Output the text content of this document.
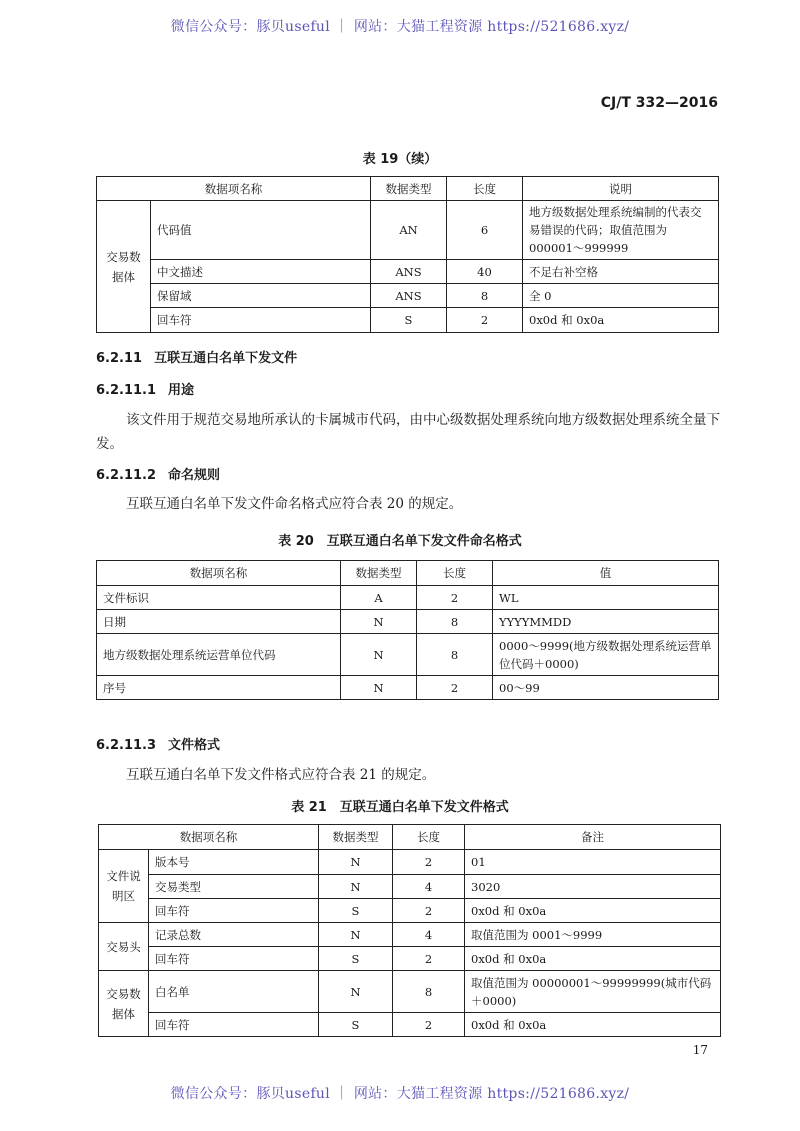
微信公众号：豚贝useful ｜ 网站：大猫工程资源 https://521686.xyz/
CJ/T 332—2016
表 19（续）
数据项名称		数据类型	长度	说明
交易数
据体	代码值	AN	6	地方级数据处理系统编制的代表交易错误的代码；取值范围为 000001～999999
	中文描述	ANS	40	不足右补空格
	保留域	ANS	8	全 0
	回车符	S	2	0x0d 和 0x0a
6.2.11 互联互通白名单下发文件
6.2.11.1 用途
该文件用于规范交易地所承认的卡属城市代码，由中心级数据处理系统向地方级数据处理系统全量下发。
6.2.11.2 命名规则
互联互通白名单下发文件命名格式应符合表 20 的规定。
表 20　互联互通白名单下发文件命名格式
数据项名称	数据类型	长度	值
文件标识	A	2	WL
日期	N	8	YYYYMMDD
地方级数据处理系统运营单位代码	N	8	0000～9999(地方级数据处理系统运营单位代码＋0000)
序号	N	2	00～99
6.2.11.3 文件格式
互联互通白名单下发文件格式应符合表 21 的规定。
表 21　互联互通白名单下发文件格式
数据项名称		数据类型	长度	备注
文件说
明区	版本号	N	2	01
	交易类型	N	4	3020
	回车符	S	2	0x0d 和 0x0a
交易头	记录总数	N	4	取值范围为 0001～9999
	回车符	S	2	0x0d 和 0x0a
交易数
据体	白名单	N	8	取值范围为 00000001～99999999(城市代码＋0000)
	回车符	S	2	0x0d 和 0x0a
17
微信公众号：豚贝useful ｜ 网站：大猫工程资源 https://521686.xyz/
